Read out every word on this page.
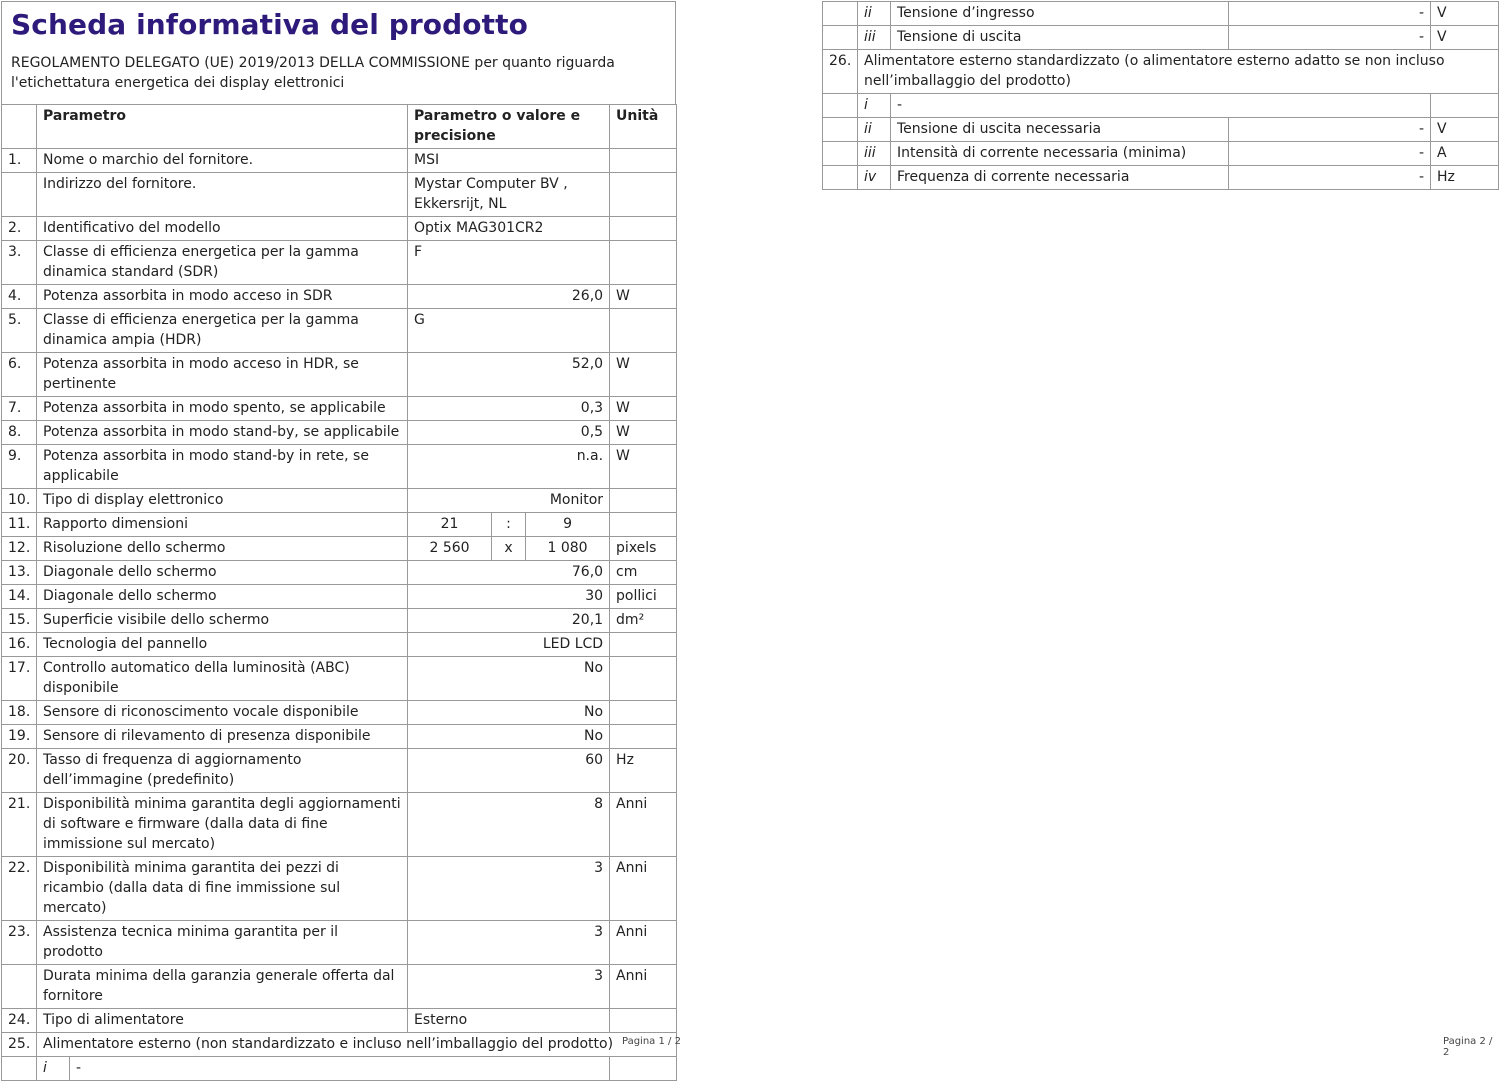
Scheda informativa del prodotto
REGOLAMENTO DELEGATO (UE) 2019/2013 DELLA COMMISSIONE per quanto riguarda l'etichettatura energetica dei display elettronici
	Parametro		Parametro o valore e precisione			Unità
1.	Nome o marchio del fornitore.		MSI			
	Indirizzo del fornitore.		Mystar Computer BV , Ekkersrijt, NL			
2.	Identificativo del modello		Optix MAG301CR2			
3.	Classe di efficienza energetica per la gamma dinamica standard (SDR)		F			
4.	Potenza assorbita in modo acceso in SDR		26,0			W
5.	Classe di efficienza energetica per la gamma dinamica ampia (HDR)		G			
6.	Potenza assorbita in modo acceso in HDR, se pertinente		52,0			W
7.	Potenza assorbita in modo spento, se applicabile		0,3			W
8.	Potenza assorbita in modo stand-by, se applicabile		0,5			W
9.	Potenza assorbita in modo stand-by in rete, se applicabile		n.a.			W
10.	Tipo di display elettronico		Monitor			
11.	Rapporto dimensioni		21	:	9	
12.	Risoluzione dello schermo		2 560	x	1 080	pixels
13.	Diagonale dello schermo		76,0			cm
14.	Diagonale dello schermo		30			pollici
15.	Superficie visibile dello schermo		20,1			dm²
16.	Tecnologia del pannello		LED LCD			
17.	Controllo automatico della luminosità (ABC) disponibile		No			
18.	Sensore di riconoscimento vocale disponibile		No			
19.	Sensore di rilevamento di presenza disponibile		No			
20.	Tasso di frequenza di aggiornamento dell’immagine (predefinito)		60			Hz
21.	Disponibilità minima garantita degli aggiornamenti di software e firmware (dalla data di fine immissione sul mercato)		8			Anni
22.	Disponibilità minima garantita dei pezzi di ricambio (dalla data di fine immissione sul mercato)		3			Anni
23.	Assistenza tecnica minima garantita per il prodotto		3			Anni
	Durata minima della garanzia generale offerta dal fornitore		3			Anni
24.	Tipo di alimentatore		Esterno			
25.	Alimentatore esterno (non standardizzato e incluso nell’imballaggio del prodotto)					
	i	-				
	ii	Tensione d’ingresso	-	V
	iii	Tensione di uscita	-	V
26.	Alimentatore esterno standardizzato (o alimentatore esterno adatto se non incluso nell’imballaggio del prodotto)			
	i	-		
	ii	Tensione di uscita necessaria	-	V
	iii	Intensità di corrente necessaria (minima)	-	A
	iv	Frequenza di corrente necessaria	-	Hz
Pagina 1 / 2	Pagina 2 / 2
